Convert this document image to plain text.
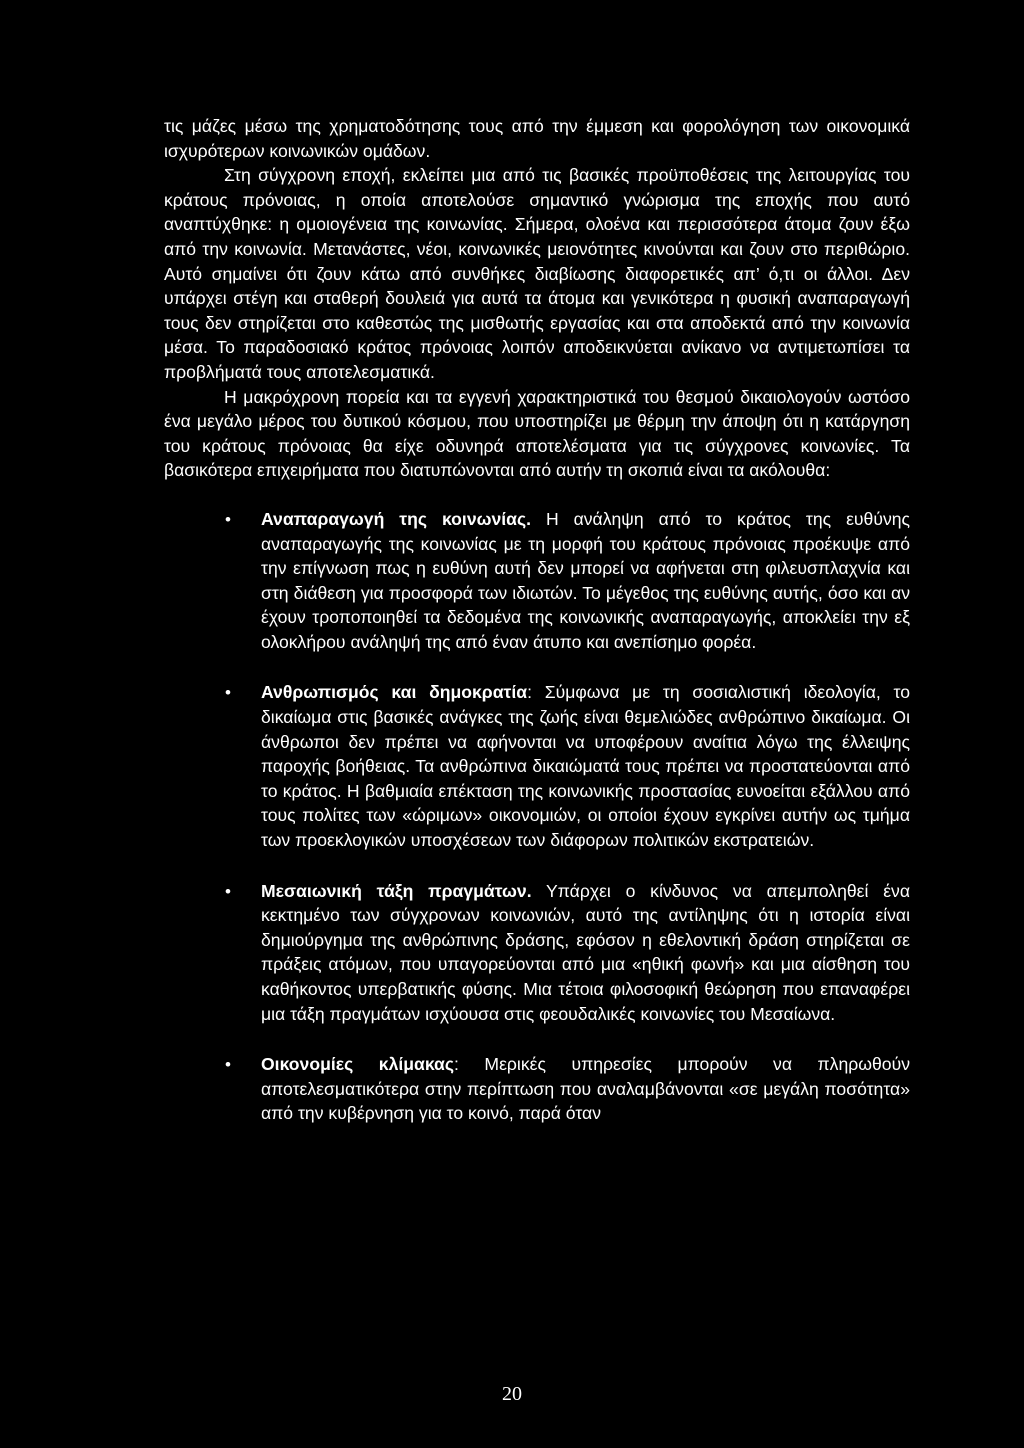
τις μάζες μέσω της χρηματοδότησης τους από την έμμεση και φορολόγηση των οικονομικά ισχυρότερων κοινωνικών ομάδων.

Στη σύγχρονη εποχή, εκλείπει μια από τις βασικές προϋποθέσεις της λειτουργίας του κράτους πρόνοιας, η οποία αποτελούσε σημαντικό γνώρισμα της εποχής που αυτό αναπτύχθηκε: η ομοιογένεια της κοινωνίας. Σήμερα, ολοένα και περισσότερα άτομα ζουν έξω από την κοινωνία. Μετανάστες, νέοι, κοινωνικές μειονότητες κινούνται και ζουν στο περιθώριο. Αυτό σημαίνει ότι ζουν κάτω από συνθήκες διαβίωσης διαφορετικές απ’ ό,τι οι άλλοι. Δεν υπάρχει στέγη και σταθερή δουλειά για αυτά τα άτομα και γενικότερα η φυσική αναπαραγωγή τους δεν στηρίζεται στο καθεστώς της μισθωτής εργασίας και στα αποδεκτά από την κοινωνία μέσα. Το παραδοσιακό κράτος πρόνοιας λοιπόν αποδεικνύεται ανίκανο να αντιμετωπίσει τα προβλήματά τους αποτελεσματικά.

Η μακρόχρονη πορεία και τα εγγενή χαρακτηριστικά του θεσμού δικαιολογούν ωστόσο ένα μεγάλο μέρος του δυτικού κόσμου, που υποστηρίζει με θέρμη την άποψη ότι η κατάργηση του κράτους πρόνοιας θα είχε οδυνηρά αποτελέσματα για τις σύγχρονες κοινωνίες. Τα βασικότερα επιχειρήματα που διατυπώνονται από αυτήν τη σκοπιά είναι τα ακόλουθα:

• Αναπαραγωγή της κοινωνίας. Η ανάληψη από το κράτος της ευθύνης αναπαραγωγής της κοινωνίας με τη μορφή του κράτους πρόνοιας προέκυψε από την επίγνωση πως η ευθύνη αυτή δεν μπορεί να αφήνεται στη φιλευσπλαχνία και στη διάθεση για προσφορά των ιδιωτών. Το μέγεθος της ευθύνης αυτής, όσο και αν έχουν τροποποιηθεί τα δεδομένα της κοινωνικής αναπαραγωγής, αποκλείει την εξ ολοκλήρου ανάληψή της από έναν άτυπο και ανεπίσημο φορέα.

• Ανθρωπισμός και δημοκρατία: Σύμφωνα με τη σοσιαλιστική ιδεολογία, το δικαίωμα στις βασικές ανάγκες της ζωής είναι θεμελιώδες ανθρώπινο δικαίωμα. Οι άνθρωποι δεν πρέπει να αφήνονται να υποφέρουν αναίτια λόγω της έλλειψης παροχής βοήθειας. Τα ανθρώπινα δικαιώματά τους πρέπει να προστατεύονται από το κράτος. Η βαθμιαία επέκταση της κοινωνικής προστασίας ευνοείται εξάλλου από τους πολίτες των «ώριμων» οικονομιών, οι οποίοι έχουν εγκρίνει αυτήν ως τμήμα των προεκλογικών υποσχέσεων των διάφορων πολιτικών εκστρατειών.

• Μεσαιωνική τάξη πραγμάτων. Υπάρχει ο κίνδυνος να απεμποληθεί ένα κεκτημένο των σύγχρονων κοινωνιών, αυτό της αντίληψης ότι η ιστορία είναι δημιούργημα της ανθρώπινης δράσης, εφόσον η εθελοντική δράση στηρίζεται σε πράξεις ατόμων, που υπαγορεύονται από μια «ηθική φωνή» και μια αίσθηση του καθήκοντος υπερβατικής φύσης. Μια τέτοια φιλοσοφική θεώρηση που επαναφέρει μια τάξη πραγμάτων ισχύουσα στις φεουδαλικές κοινωνίες του Μεσαίωνα.

• Οικονομίες κλίμακας: Μερικές υπηρεσίες μπορούν να πληρωθούν αποτελεσματικότερα στην περίπτωση που αναλαμβάνονται «σε μεγάλη ποσότητα» από την κυβέρνηση για το κοινό, παρά όταν

20
